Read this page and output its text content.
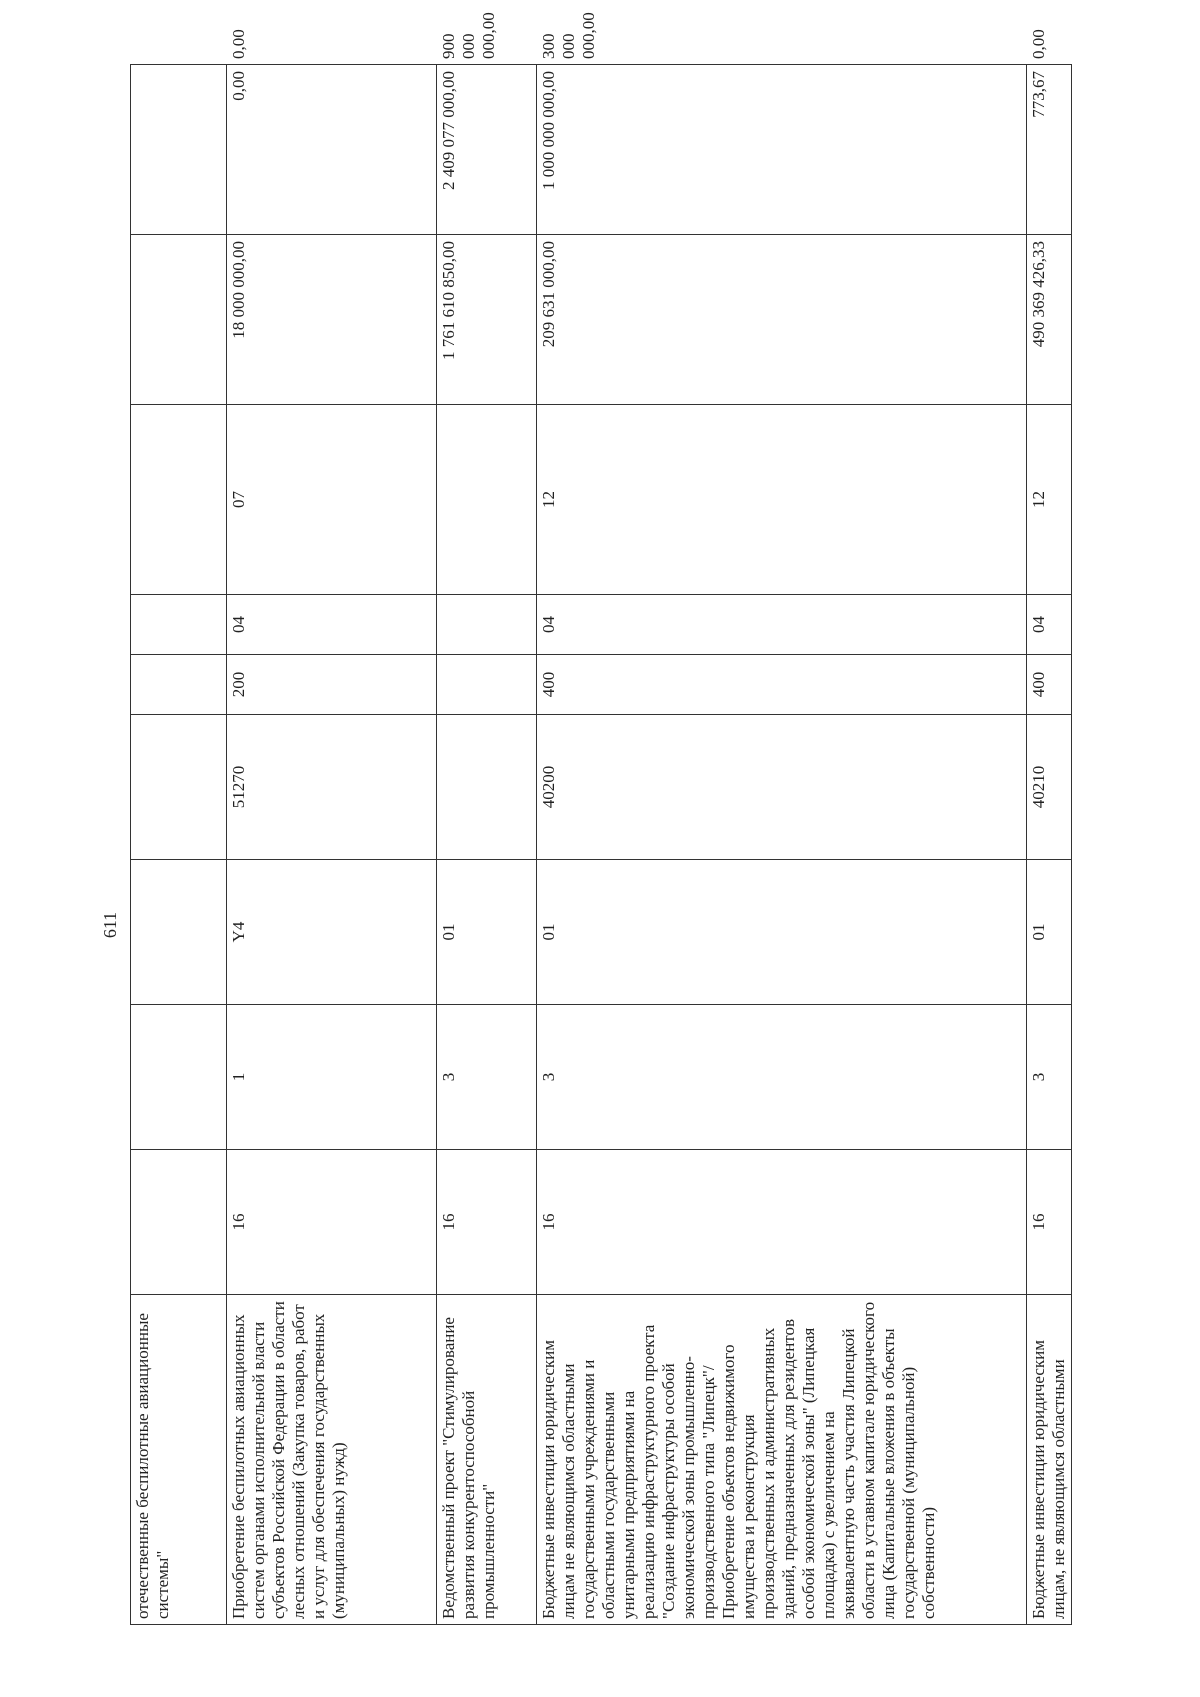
611
отечественные беспилотные авиационные системы"										
Приобретение беспилотных авиационных систем органами исполнительной власти субъектов Российской Федерации в области лесных отношений (Закупка товаров, работ и услуг для обеспечения государственных (муниципальных) нужд)	16	1	Y4	51270	200	04	07	18 000 000,00	0,00	0,00
Ведомственный проект "Стимулирование развития конкурентоспособной промышленности"	16	3	01					1 761 610 850,00	2 409 077 000,00	900 000 000,00
Бюджетные инвестиции юридическим лицам не являющимся областными государственными учреждениями и областными государственными унитарными предприятиями на реализацию инфраструктурного проекта "Создание инфраструктуры особой экономической зоны промышленно-производственного типа "Липецк"/Приобретение объектов недвижимого имущества и реконструкция производственных и административных зданий, предназначенных для резидентов особой экономической зоны" (Липецкая площадка) с увеличением на эквивалентную часть участия Липецкой области в уставном капитале юридического лица (Капитальные вложения в объекты государственной (муниципальной) собственности)	16	3	01	40200	400	04	12	209 631 000,00	1 000 000 000,00	300 000 000,00
Бюджетные инвестиции юридическим лицам, не являющимся областными	16	3	01	40210	400	04	12	490 369 426,33	773,67	0,00
